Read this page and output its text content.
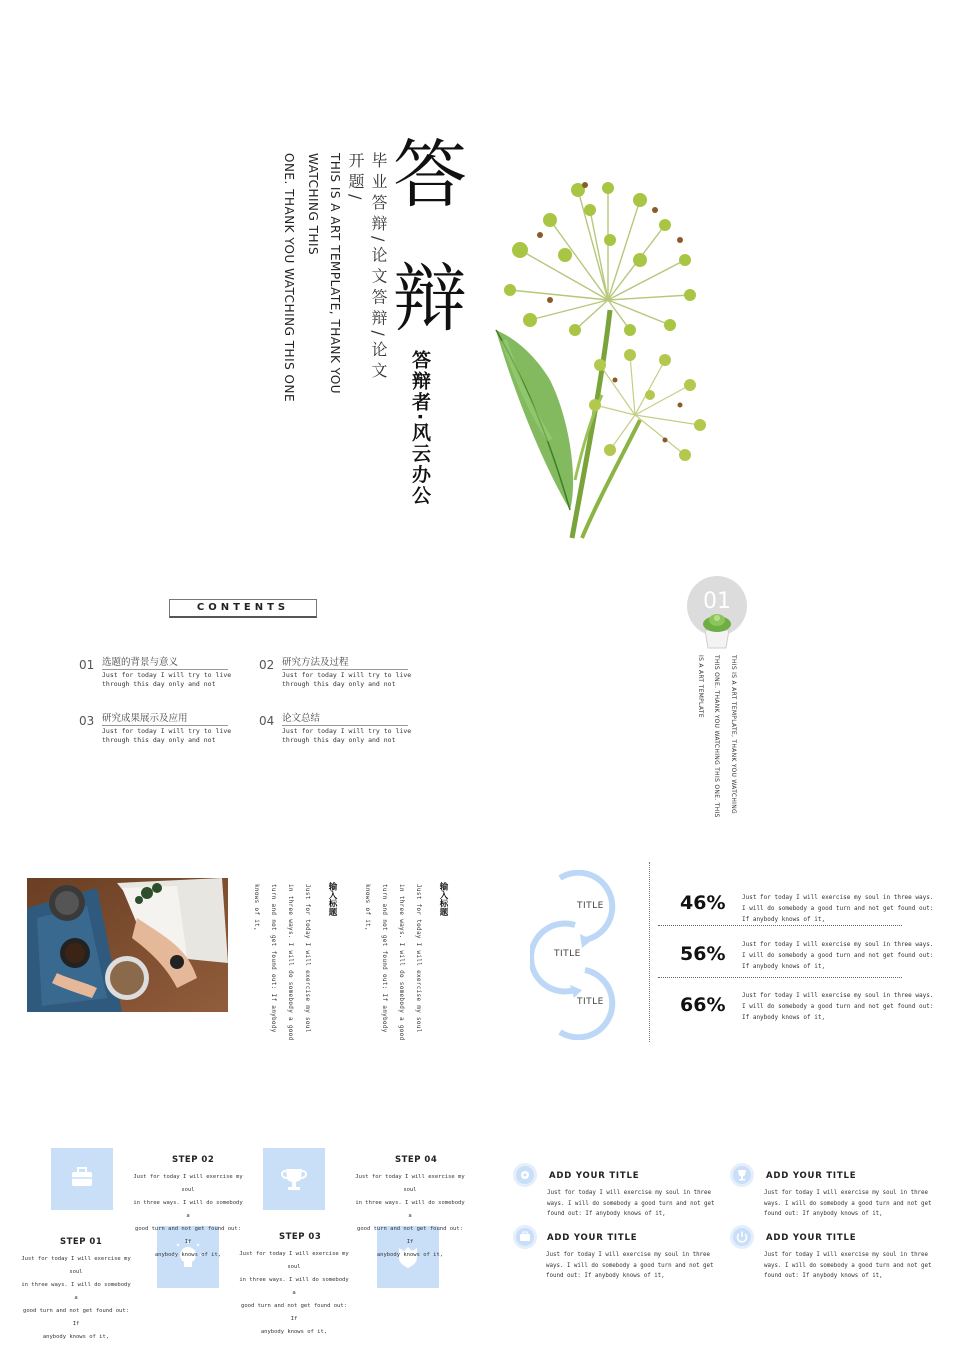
答
辩
毕业答辩/论文答辩/论文开题/
THIS IS A ART TEMPLATE, THANK YOU WATCHING THIS
ONE. THANK YOU WATCHING THIS ONE
答辩者·风云办公
CONTENTS
01 选题的背景与意义
Just for today I will try to live
through this day only and not
02 研究方法及过程
Just for today I will try to live
through this day only and not
03 研究成果展示及应用
Just for today I will try to live
through this day only and not
04 论文总结
Just for today I will try to live
through this day only and not
01
THIS IS A ART TEMPLATE, THANK YOU WATCHING
THIS ONE. THANK YOU WATCHING THIS ONE. THIS
IS A ART TEMPLATE
输入标题
输入标题	Just for today I will exercise my soul
in three ways. I will do somebody a good
turn and not get found out: If anybody
knows of it,
Just for today I will exercise my soul
in three ways. I will do somebody a good
turn and not get found out: If anybody
knows of it,	TITLE
TITLE
TITLE
46%	Just for today I will exercise my soul in three ways.
I will do somebody a good turn and not get found out:
If anybody knows of it,
56%	Just for today I will exercise my soul in three ways.
I will do somebody a good turn and not get found out:
If anybody knows of it,
66%	Just for today I will exercise my soul in three ways.
I will do somebody a good turn and not get found out:
If anybody knows of it,
STEP 02
Just for today I will exercise my soul
in three ways. I will do somebody a
good turn and not get found out: If
anybody knows of it,
STEP 04
Just for today I will exercise my soul
in three ways. I will do somebody a
good turn and not get found out: If
anybody knows of it,
STEP 01
Just for today I will exercise my soul
in three ways. I will do somebody a
good turn and not get found out: If
anybody knows of it,
STEP 03
Just for today I will exercise my soul
in three ways. I will do somebody a
good turn and not get found out: If
anybody knows of it,
ADD YOUR TITLE
Just for today I will exercise my soul in three
ways. I will do somebody a good turn and not get
found out: If anybody knows of it,
ADD YOUR TITLE
Just for today I will exercise my soul in three
ways. I will do somebody a good turn and not get
found out: If anybody knows of it,
ADD YOUR TITLE
Just for today I will exercise my soul in three
ways. I will do somebody a good turn and not get
found out: If anybody knows of it,
ADD YOUR TITLE
Just for today I will exercise my soul in three
ways. I will do somebody a good turn and not get
found out: If anybody knows of it,
